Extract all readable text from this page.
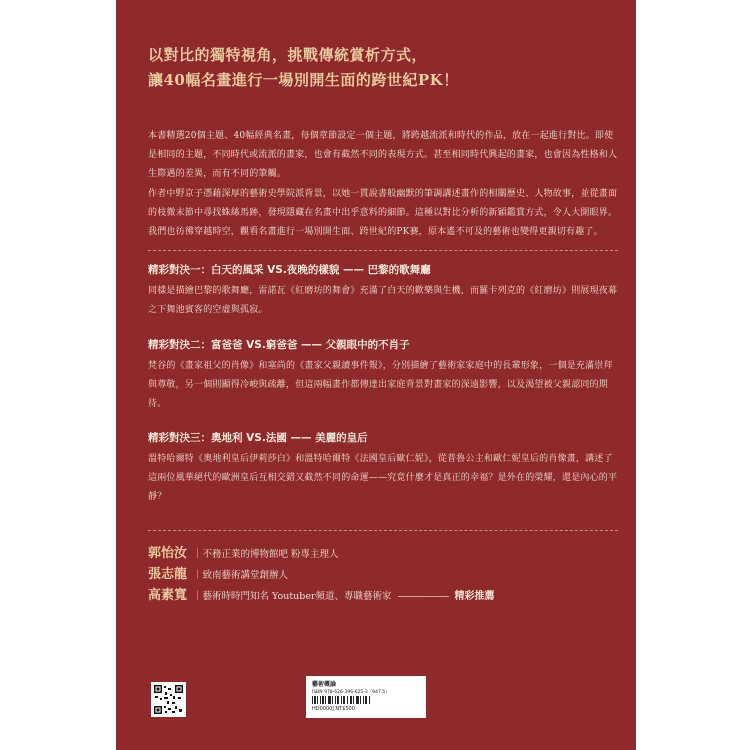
以對比的獨特視角，挑戰傳統賞析方式，
讓40幅名畫進行一場別開生面的跨世紀PK！

本書精選20個主題、40幅經典名畫，每個章節設定一個主題，將跨越流派和時代的作品，放在一起進行對比。即使是相同的主題，不同時代或流派的畫家，也會有截然不同的表現方式。甚至相同時代興起的畫家，也會因為性格和人生際遇的差異，而有不同的筆觸。

作者中野京子憑藉深厚的藝術史學院派背景，以她一貫說書般幽默的筆調講述畫作的相關歷史、人物故事，並從畫面的枝微末節中尋找蛛絲馬跡，發現隱藏在名畫中出乎意料的細節。這種以對比分析的新穎鑑賞方式，令人大開眼界。我們也彷彿穿越時空，觀看名畫進行一場別開生面、跨世紀的PK賽，原本遙不可及的藝術也變得更親切有趣了。

精彩對決一：白天的風采 VS.夜晚的樣貌 —— 巴黎的歌舞廳
同樣是描繪巴黎的歌舞廳，雷諾瓦《紅磨坊的舞會》充滿了白天的歡樂與生機，而羅卡列克的《紅磨坊》則展現夜幕之下舞池賓客的空虛與孤寂。
精彩對決二：富爸爸 VS.窮爸爸 —— 父親眼中的不肖子
梵谷的《畫家祖父的肖像》和塞尚的《畫家父親讀事件報》，分別描繪了藝術家家庭中的長輩形象，一個是充滿崇拜與尊敬，另一個則顯得冷峻與疏離，但這兩幅畫作都傳達出家庭背景對畫家的深遠影響，以及渴望被父親認同的期待。
精彩對決三：奧地利 VS.法國 —— 美麗的皇后
溫特哈爾特《奧地利皇后伊莉莎白》和溫特哈爾特《法國皇后歐仁妮》，從普魯公主和歐仁妮皇后的肖像畫，講述了這兩位風華絕代的歐洲皇后互相交錯又截然不同的命運——究竟什麼才是真正的幸福？是外在的榮耀，還是內心的平靜？
郭怡汝 ｜不務正業的博物館吧 粉專主理人
張志龍 ｜致南藝術講堂創辦人
高素寬 ｜藝術時時門知名 Youtuber頻道、專職藝術家 —————— 精彩推薦
藝術概論
ISBN 978-626-396-625-3（947.5）
HD0000J NT$500
